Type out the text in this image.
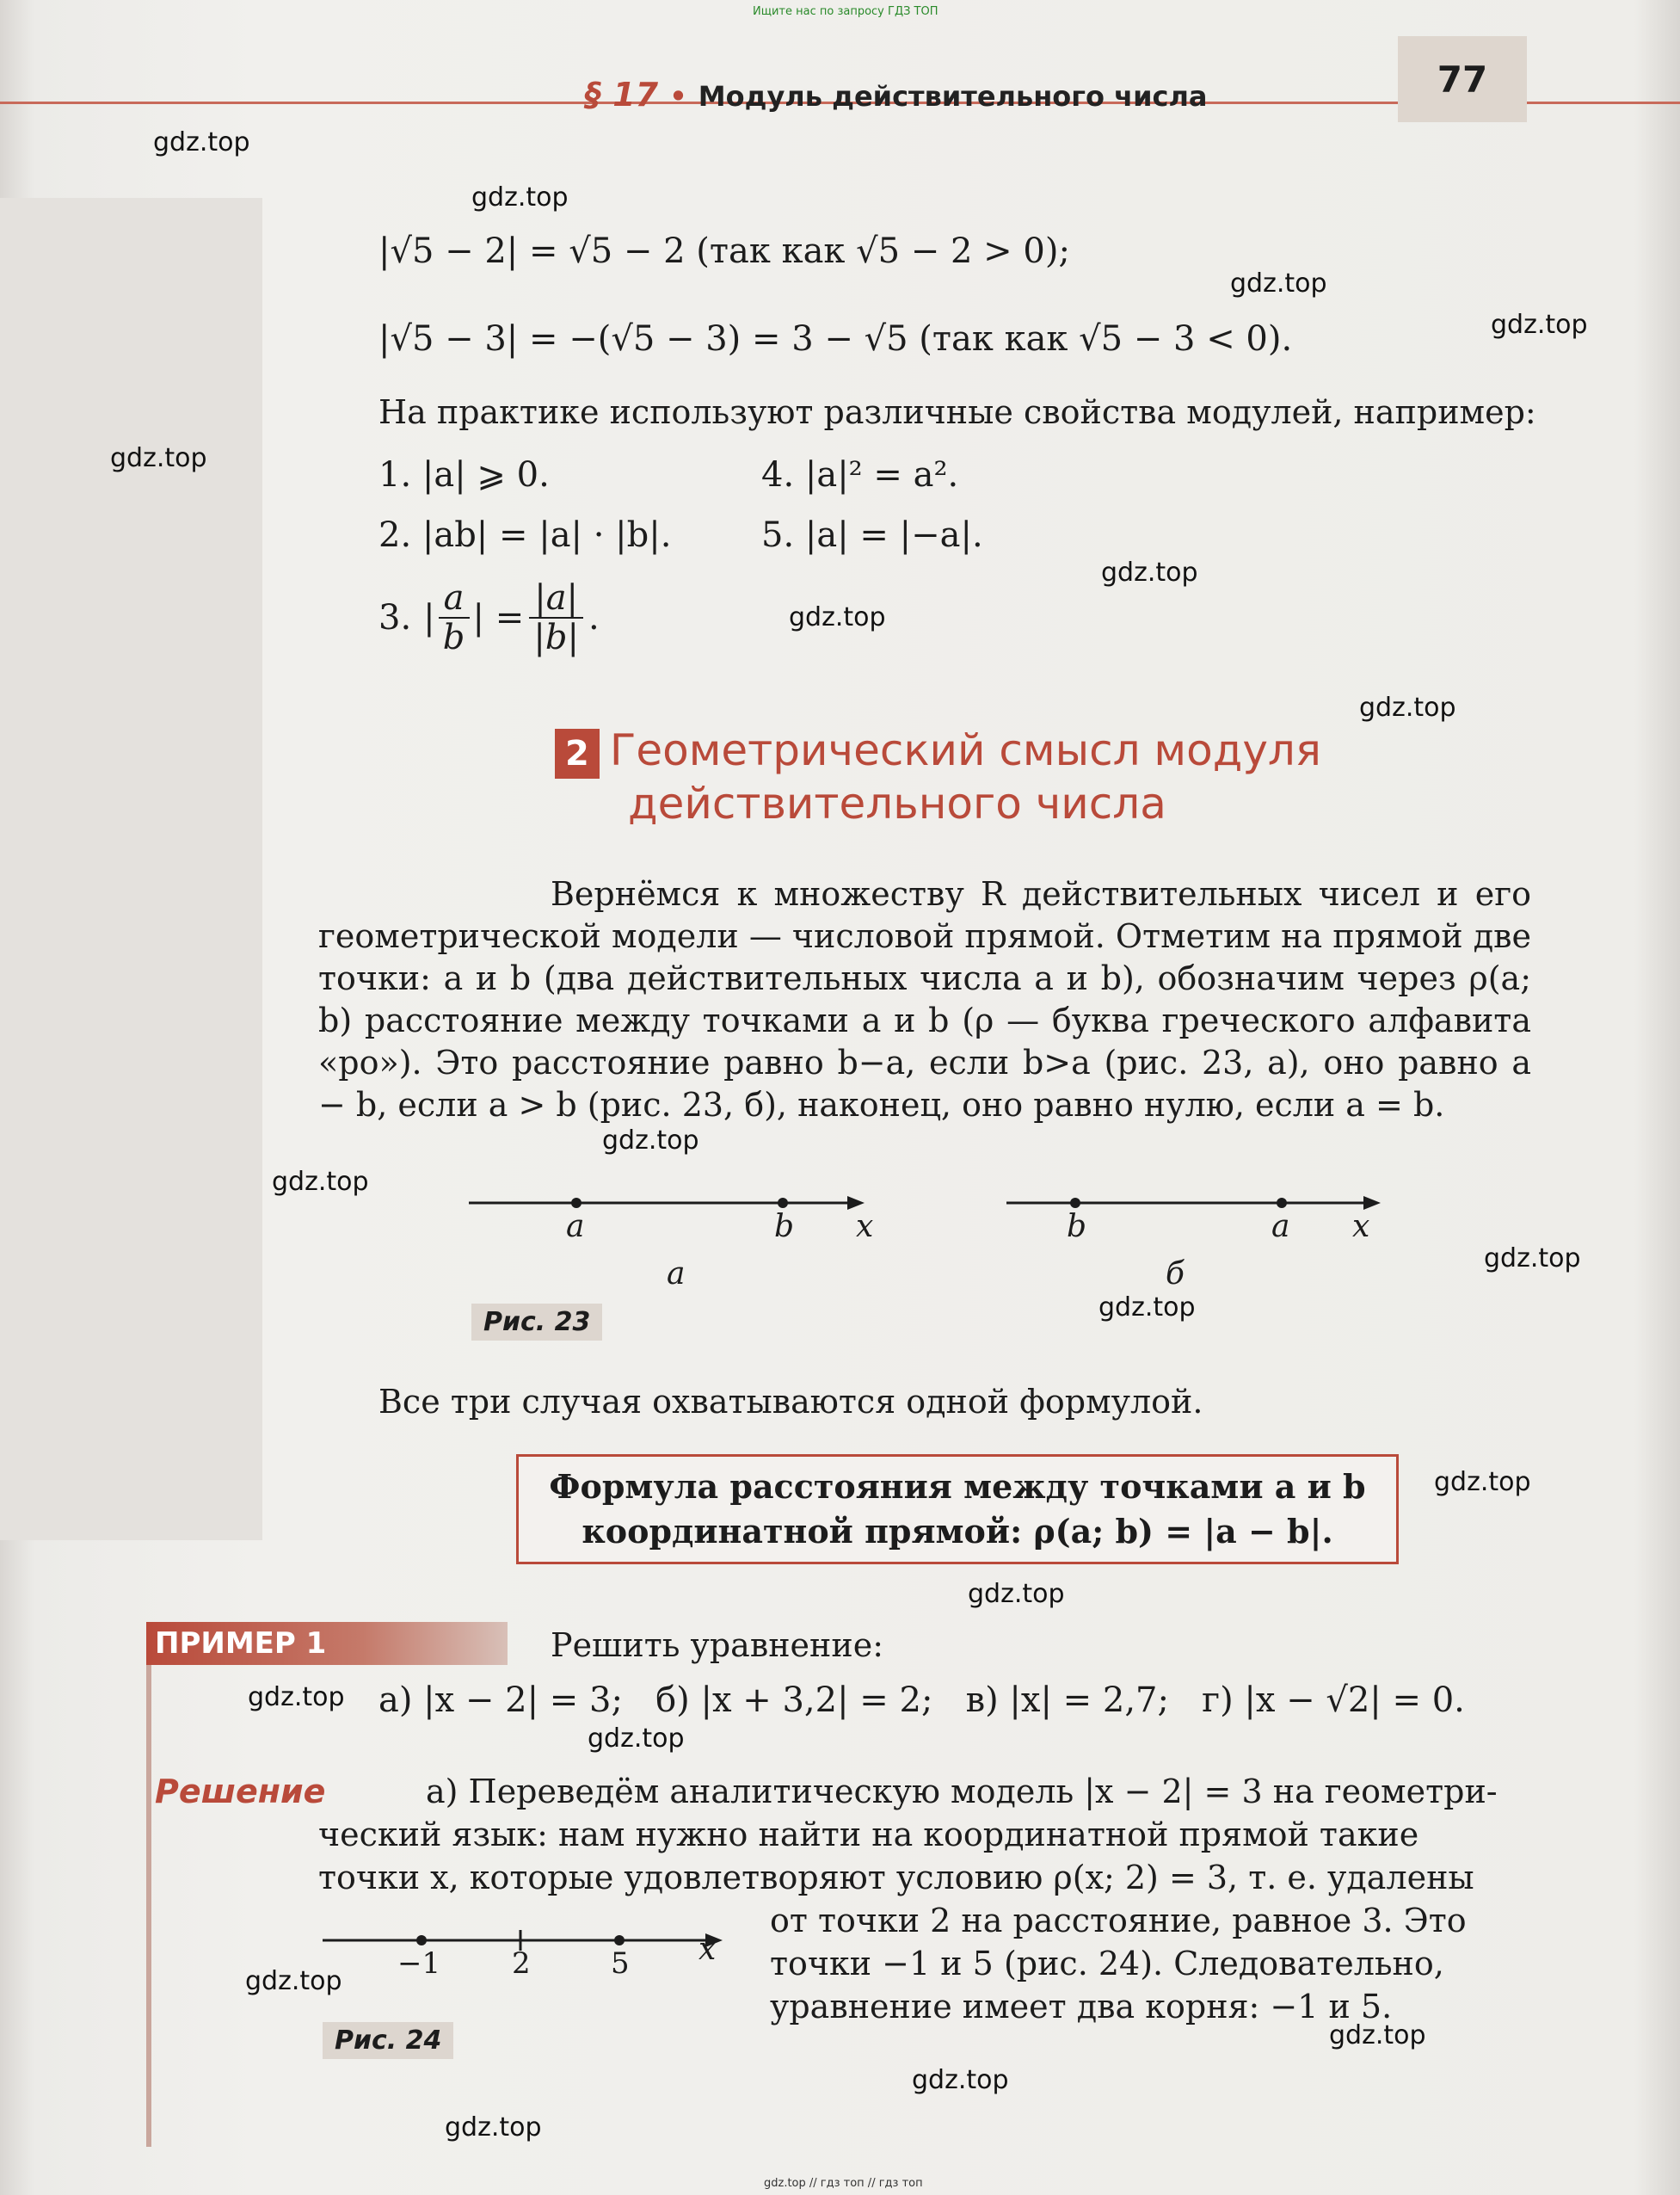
Ищите нас по запросу ГДЗ ТОП
§ 17 • Модуль действительного числа	77
|√5 − 2| = √5 − 2 (так как √5 − 2 > 0);
|√5 − 3| = −(√5 − 3) = 3 − √5 (так как √5 − 3 < 0).
На практике используют различные свойства модулей, например:
1. |a| ⩾ 0.
2. |ab| = |a| · |b|.
4. |a|² = a².
5. |a| = |−a|.
3. | $\frac{a}{b}$ | = $\frac{|a|}{|b|}$ .
2 Геометрический смысл модуля
действительного числа
Вернёмся к множеству R действительных чисел и его геометрической модели — числовой прямой. Отметим на прямой две точки: a и b (два действительных числа a и b), обозначим через ρ(a; b) расстояние между точками a и b (ρ — буква греческого алфавита «ро»). Это расстояние равно b−a, если b>a (рис. 23, а), оно равно a − b, если a > b (рис. 23, б), наконец, оно равно нулю, если a = b.
a	b x
а
b	a x
б
Рис. 23
Все три случая охватываются одной формулой.
Формула расстояния между точками a и b
координатной прямой: ρ(a; b) = |a − b|.
ПРИМЕР 1	Решить уравнение:
а) |x − 2| = 3;   б) |x + 3,2| = 2;   в) |x| = 2,7;   г) |x − √2| = 0.
Решение	а) Переведём аналитическую модель |x − 2| = 3 на геометри-
ческий язык: нам нужно найти на координатной прямой такие
точки x, которые удовлетворяют условию ρ(x; 2) = 3, т. е. удалены
от точки 2 на расстояние, равное 3. Это
точки −1 и 5 (рис. 24). Следовательно,
уравнение имеет два корня: −1 и 5.
−1 2	5 x
Рис. 24
gdz.top
gdz.top
gdz.top
gdz.top
gdz.top
gdz.top
gdz.top
gdz.top
gdz.top
gdz.top
gdz.top
gdz.top
gdz.top
gdz.top
gdz.top
gdz.top
gdz.top
gdz.top
gdz.top
gdz.top
gdz.top // гдз топ // гдз топ
